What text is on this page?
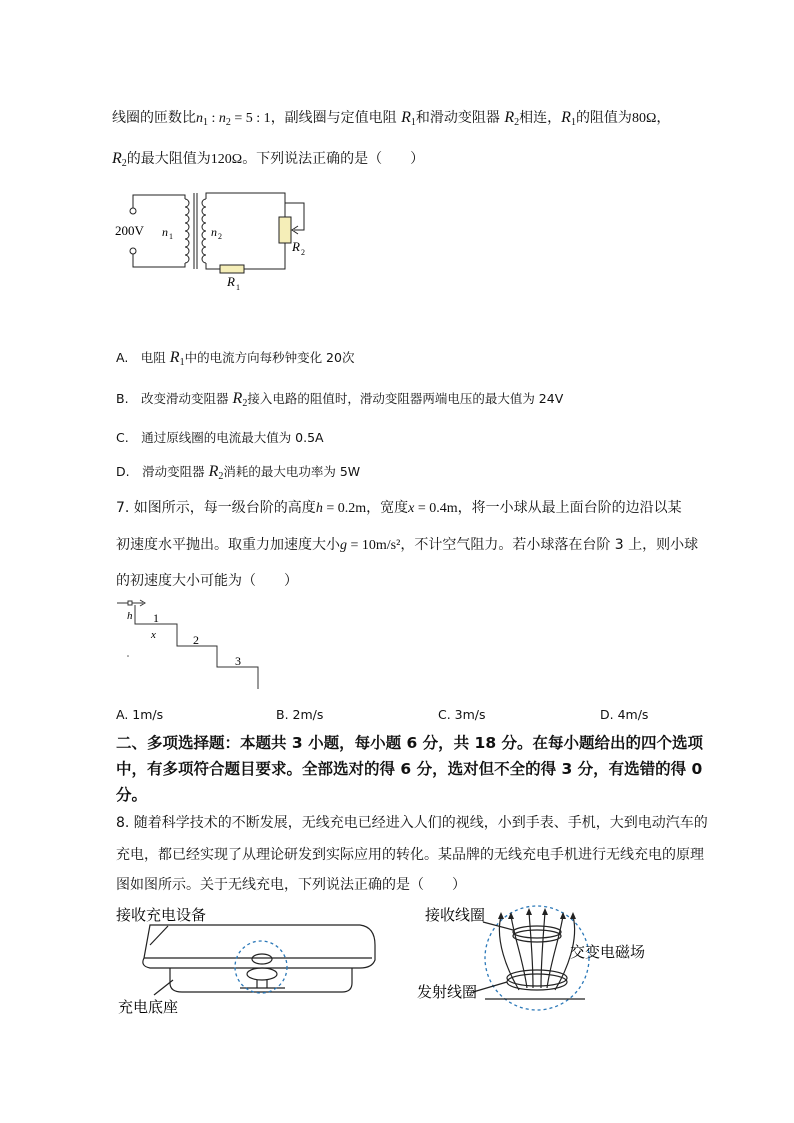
线圈的匝数比$n_1$ : $n_2 = 5$ : 1，副线圈与定值电阻 $R_1$和滑动变阻器 $R_2$相连，$R_1$的阻值为80Ω，
$R_2$的最大阻值为120Ω。下列说法正确的是（　　）
200V n 1	n 2
R 2
R 1
A.　电阻 $R_1$中的电流方向每秒钟变化 20次
B.　改变滑动变阻器 $R_2$接入电路的阻值时，滑动变阻器两端电压的最大值为 24V
C.　通过原线圈的电流最大值为 0.5A
D.　滑动变阻器 $R_2$消耗的最大电功率为 5W
7. 如图所示，每一级台阶的高度h = 0.2m，宽度x = 0.4m，将一小球从最上面台阶的边沿以某
初速度水平抛出。取重力加速度大小g = 10m/s²，不计空气阻力。若小球落在台阶 3 上，则小球
的初速度大小可能为（　　）
h
x
1
2
3
A. 1m/s	B. 2m/s	C. 3m/s	D. 4m/s
二、多项选择题：本题共 3 小题，每小题 6 分，共 18 分。在每小题给出的四个选项
中，有多项符合题目要求。全部选对的得 6 分，选对但不全的得 3 分，有选错的得 0
分。
8. 随着科学技术的不断发展，无线充电已经进入人们的视线，小到手表、手机，大到电动汽车的
充电，都已经实现了从理论研发到实际应用的转化。某品牌的无线充电手机进行无线充电的原理
图如图所示。关于无线充电，下列说法正确的是（　　）
接收充电设备
充电底座
接收线圈
交变电磁场
发射线圈
